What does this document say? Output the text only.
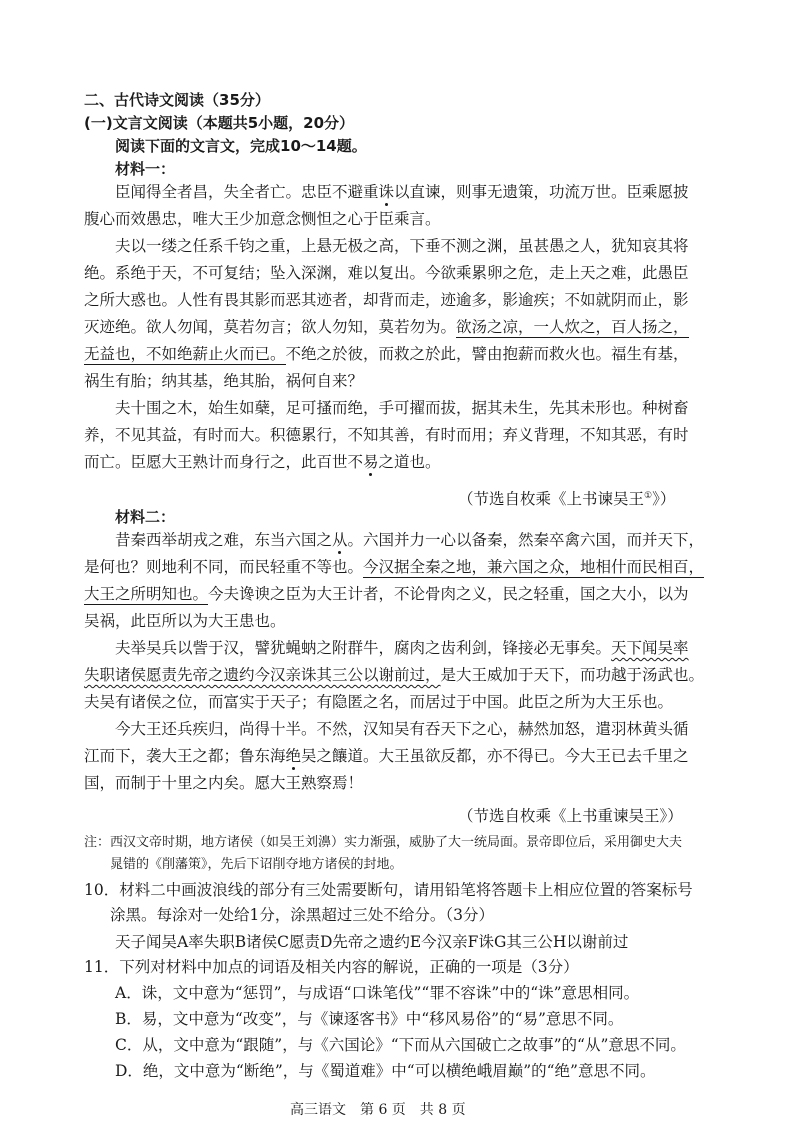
二、古代诗文阅读（35分）
(一)文言文阅读（本题共5小题，20分）
阅读下面的文言文，完成10～14题。
材料一：
臣闻得全者昌，失全者亡。忠臣不避重诛以直谏，则事无遗策，功流万世。臣乘愿披
腹心而效愚忠，唯大王少加意念恻怛之心于臣乘言。
夫以一缕之任系千钧之重，上悬无极之高，下垂不测之渊，虽甚愚之人，犹知哀其将
绝。系绝于天，不可复结；坠入深渊，难以复出。今欲乘累卵之危，走上天之难，此愚臣
之所大惑也。人性有畏其影而恶其迹者，却背而走，迹逾多，影逾疾；不如就阴而止，影
灭迹绝。欲人勿闻，莫若勿言；欲人勿知，莫若勿为。欲汤之凉，一人炊之，百人扬之，
无益也，不如绝薪止火而已。不绝之於彼，而救之於此，譬由抱薪而救火也。福生有基，
祸生有胎；纳其基，绝其胎，祸何自来？
夫十围之木，始生如蘖，足可搔而绝，手可擢而拔，据其未生，先其未形也。种树畜
养，不见其益，有时而大。积德累行，不知其善，有时而用；弃义背理，不知其恶，有时
而亡。臣愿大王熟计而身行之，此百世不易之道也。
（节选自枚乘《上书谏吴王①》）
材料二：
昔秦西举胡戎之难，东当六国之从。六国并力一心以备秦，然秦卒禽六国，而并天下，
是何也？则地利不同，而民轻重不等也。今汉据全秦之地，兼六国之众，地相什而民相百，
大王之所明知也。今夫谗谀之臣为大王计者，不论骨肉之义，民之轻重，国之大小，以为
吴祸，此臣所以为大王患也。
夫举吴兵以訾于汉，譬犹蝇蚋之附群牛，腐肉之齿利剑，锋接必无事矣。天下闻吴率
失职诸侯愿责先帝之遗约今汉亲诛其三公以谢前过，是大王威加于天下，而功越于汤武也。
夫吴有诸侯之位，而富实于天子；有隐匿之名，而居过于中国。此臣之所为大王乐也。
今大王还兵疾归，尚得十半。不然，汉知吴有吞天下之心，赫然加怒，遣羽林黄头循
江而下，袭大王之都；鲁东海绝吴之饟道。大王虽欲反都，亦不得已。今大王已去千里之
国，而制于十里之内矣。愿大王熟察焉！
（节选自枚乘《上书重谏吴王》）
注：西汉文帝时期，地方诸侯（如吴王刘濞）实力渐强，威胁了大一统局面。景帝即位后，采用御史大夫
晁错的《削藩策》，先后下诏削夺地方诸侯的封地。
10．材料二中画波浪线的部分有三处需要断句，请用铅笔将答题卡上相应位置的答案标号
涂黑。每涂对一处给1分，涂黑超过三处不给分。（3分）
天子闻吴A率失职B诸侯C愿责D先帝之遗约E今汉亲F诛G其三公H以谢前过
11．下列对材料中加点的词语及相关内容的解说，正确的一项是（3分）
A．诛，文中意为“惩罚”，与成语“口诛笔伐”“罪不容诛”中的“诛”意思相同。
B．易，文中意为“改变”，与《谏逐客书》中“移风易俗”的“易”意思不同。
C．从，文中意为“跟随”，与《六国论》“下而从六国破亡之故事”的“从”意思不同。
D．绝，文中意为“断绝”，与《蜀道难》中“可以横绝峨眉巅”的“绝”意思不同。
高三语文　第 6 页　共 8 页
